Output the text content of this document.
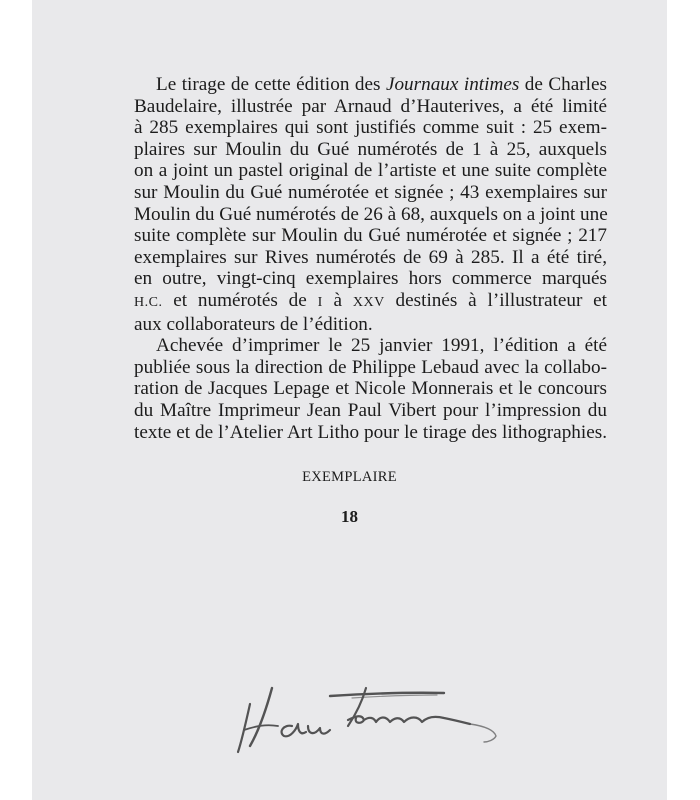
Le tirage de cette édition des Journaux intimes de Charles
Baudelaire, illustrée par Arnaud d’Hauterives, a été limité
à 285 exemplaires qui sont justifiés comme suit : 25 exem-
plaires sur Moulin du Gué numérotés de 1 à 25, auxquels
on a joint un pastel original de l’artiste et une suite complète
sur Moulin du Gué numérotée et signée ; 43 exemplaires sur
Moulin du Gué numérotés de 26 à 68, auxquels on a joint une
suite complète sur Moulin du Gué numérotée et signée ; 217
exemplaires sur Rives numérotés de 69 à 285. Il a été tiré,
en outre, vingt-cinq exemplaires hors commerce marqués
H.C. et numérotés de I à XXV destinés à l’illustrateur et
aux collaborateurs de l’édition.
Achevée d’imprimer le 25 janvier 1991, l’édition a été
publiée sous la direction de Philippe Lebaud avec la collabo-
ration de Jacques Lepage et Nicole Monnerais et le concours
du Maître Imprimeur Jean Paul Vibert pour l’impression du
texte et de l’Atelier Art Litho pour le tirage des lithographies.
EXEMPLAIRE
18
